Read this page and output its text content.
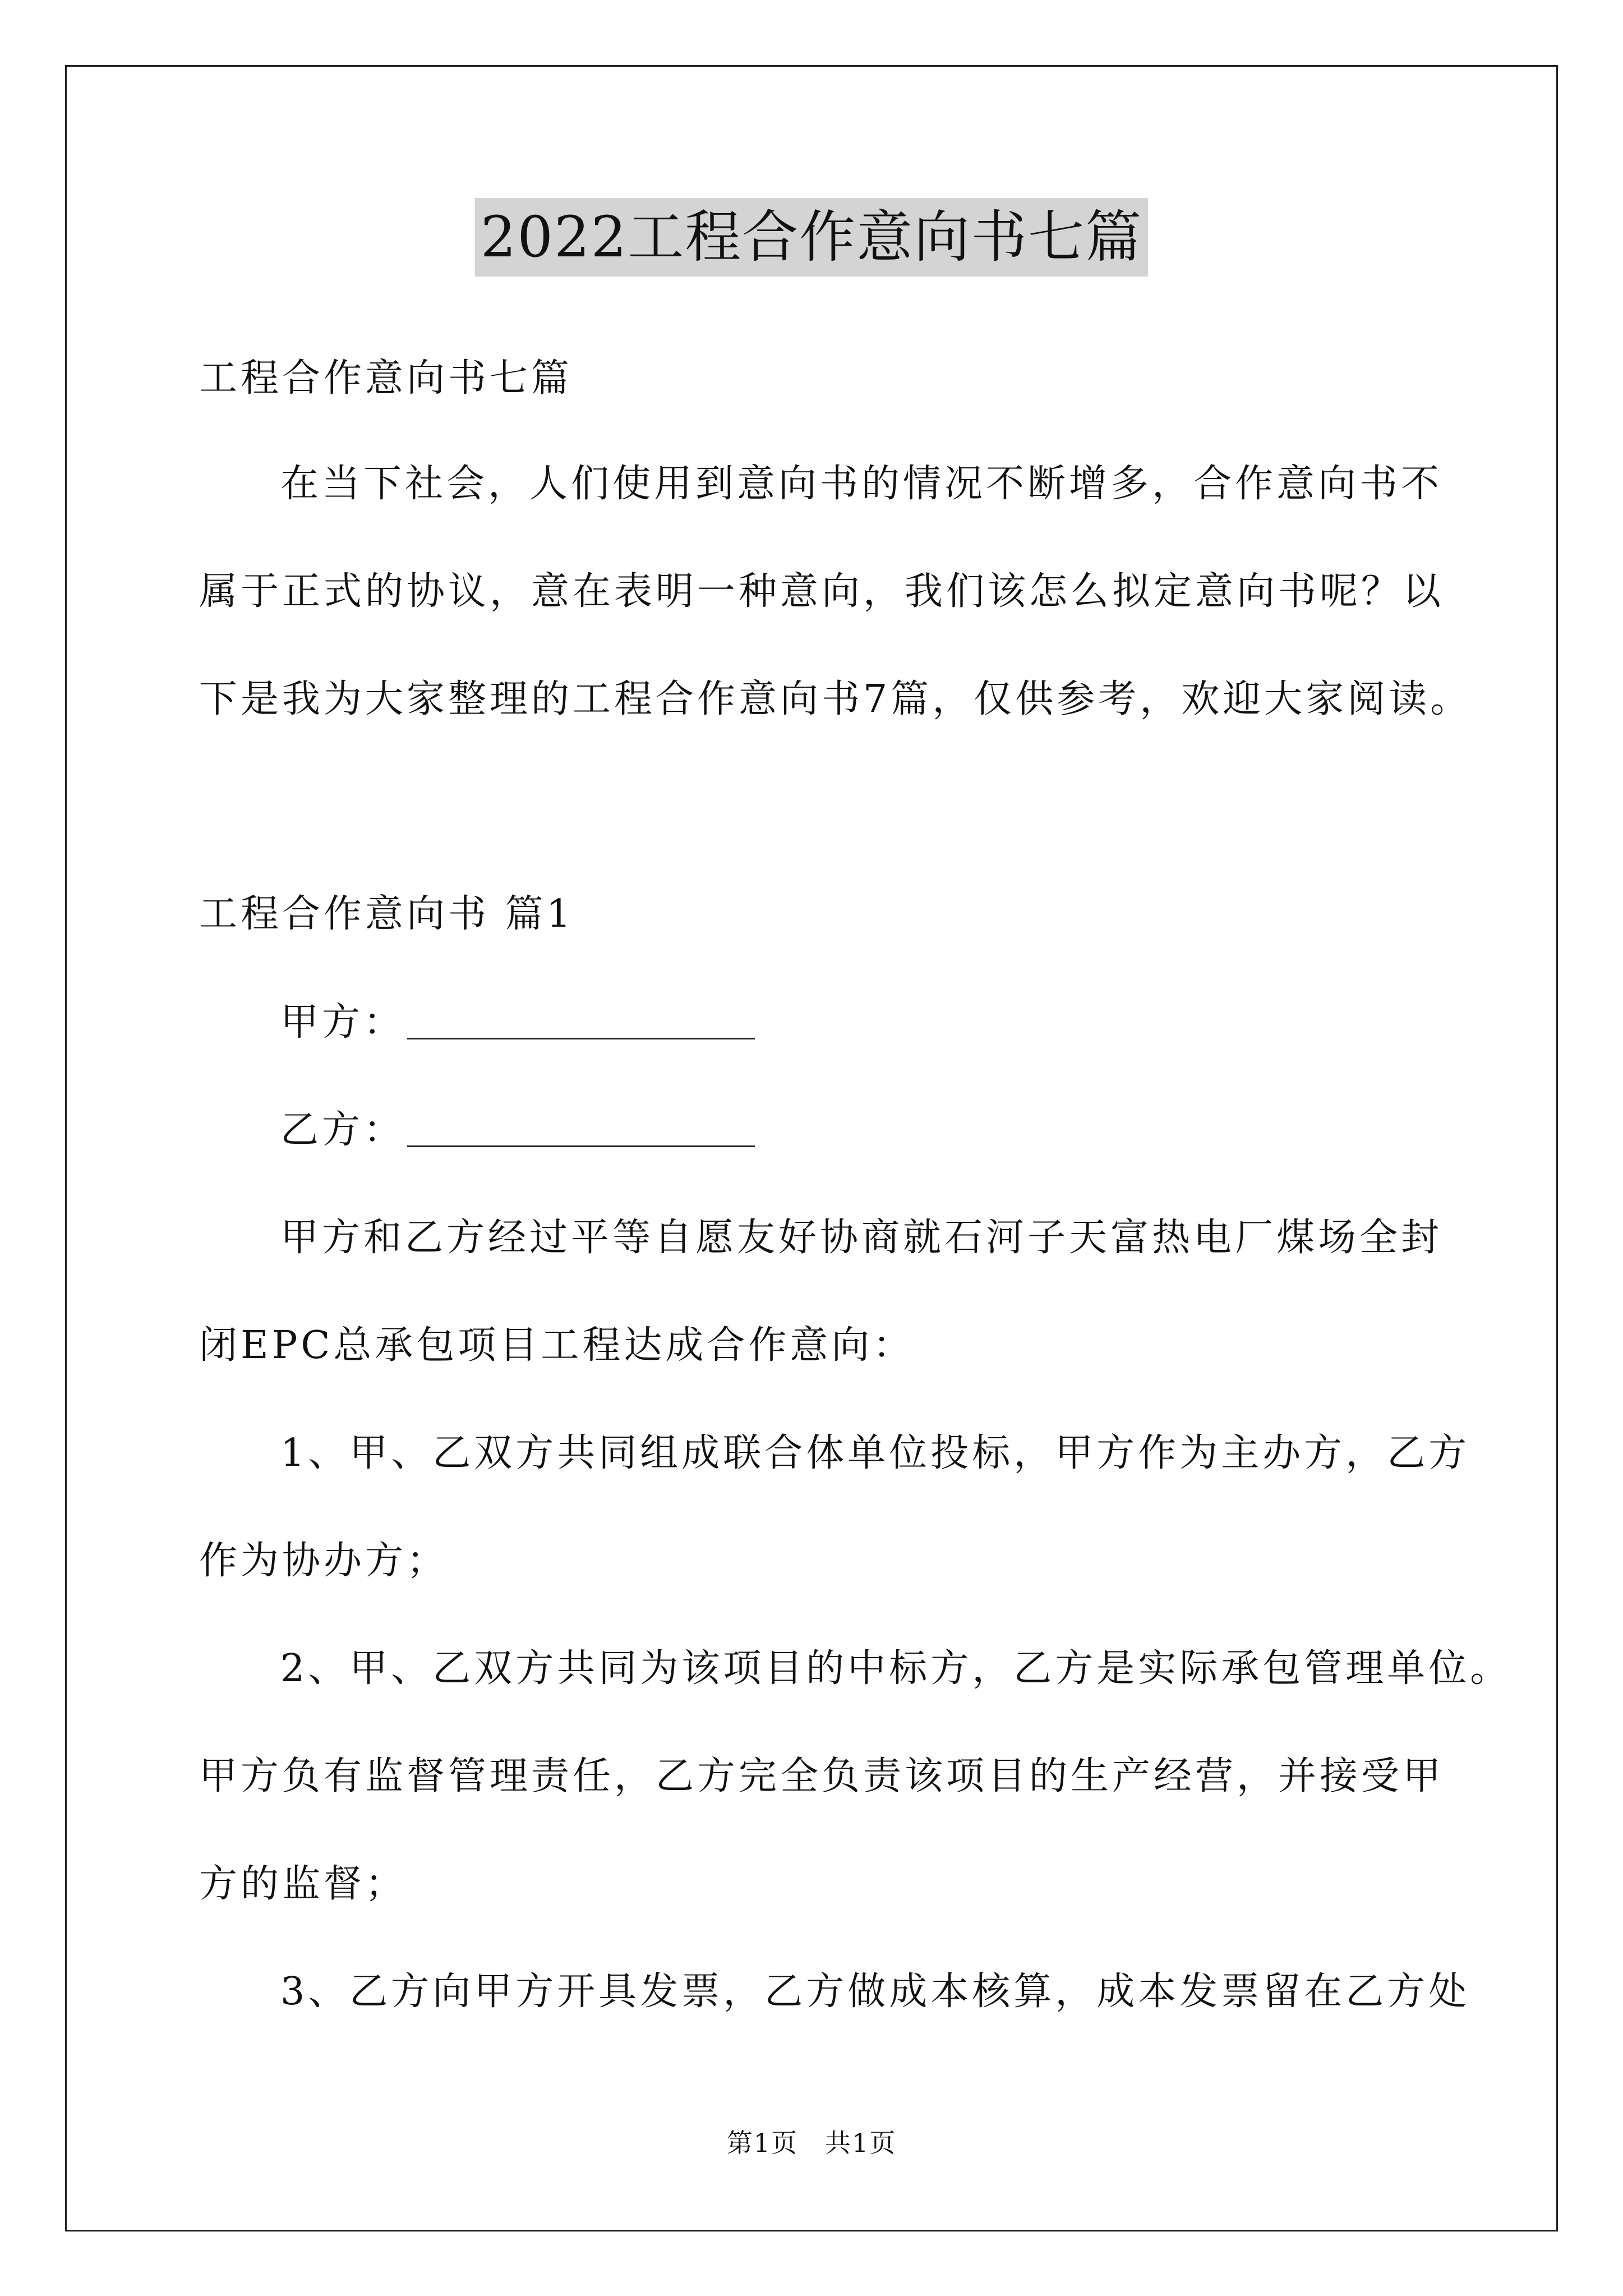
2022工程合作意向书七篇
工程合作意向书七篇
在当下社会，人们使用到意向书的情况不断增多，合作意向书不
属于正式的协议，意在表明一种意向，我们该怎么拟定意向书呢？以
下是我为大家整理的工程合作意向书7篇，仅供参考，欢迎大家阅读。
工程合作意向书 篇1
甲方：
乙方：
甲方和乙方经过平等自愿友好协商就石河子天富热电厂煤场全封
闭EPC总承包项目工程达成合作意向：
1、甲、乙双方共同组成联合体单位投标，甲方作为主办方，乙方
作为协办方；
2、甲、乙双方共同为该项目的中标方，乙方是实际承包管理单位。
甲方负有监督管理责任，乙方完全负责该项目的生产经营，并接受甲
方的监督；
3、乙方向甲方开具发票，乙方做成本核算，成本发票留在乙方处
第1页　共1页
